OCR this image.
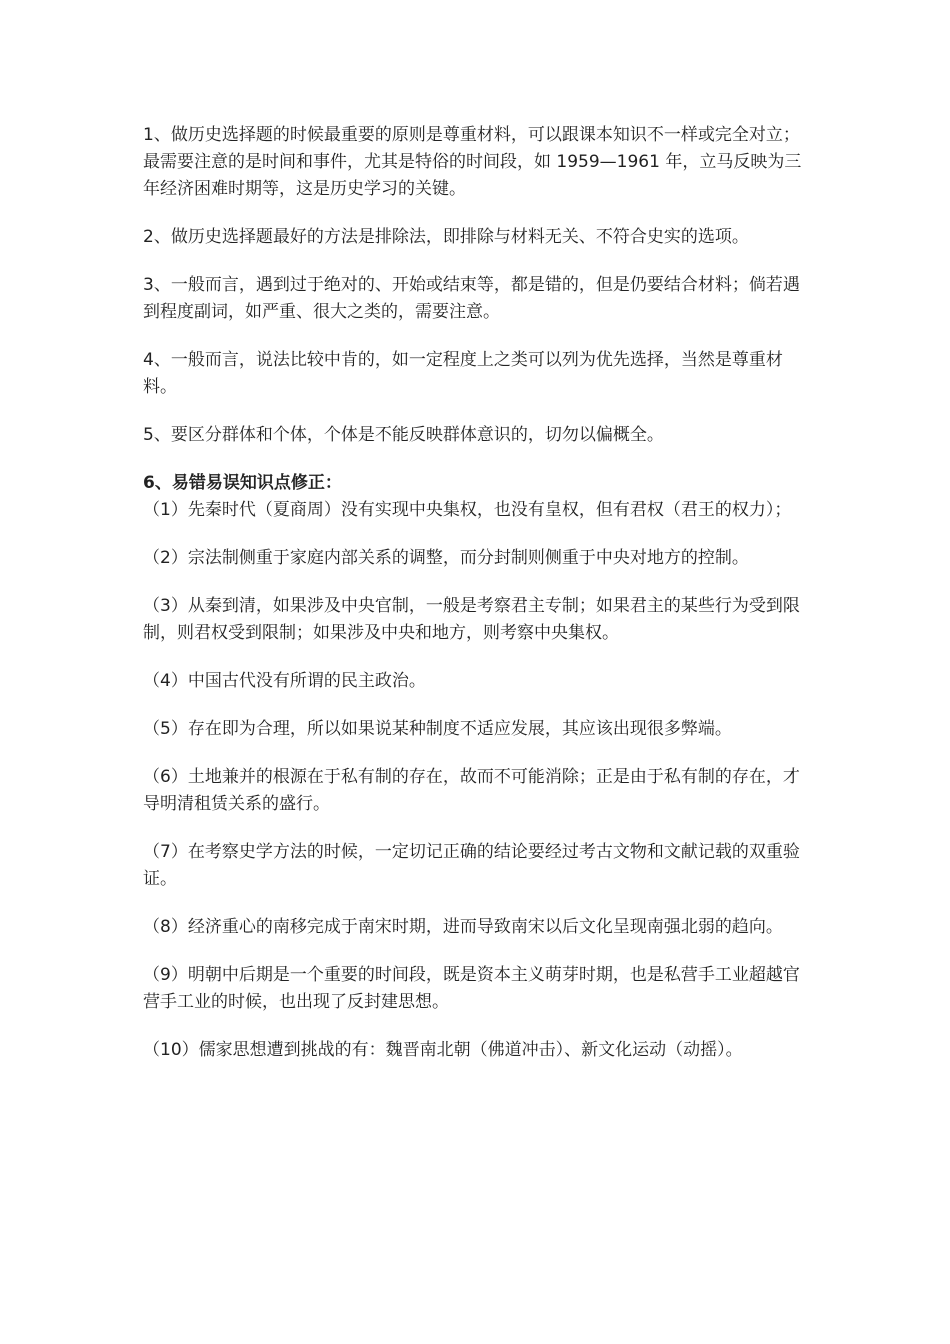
1、做历史选择题的时候最重要的原则是尊重材料，可以跟课本知识不一样或完全对立；最需要注意的是时间和事件，尤其是特俗的时间段，如 1959—1961 年，立马反映为三年经济困难时期等，这是历史学习的关键。

2、做历史选择题最好的方法是排除法，即排除与材料无关、不符合史实的选项。

3、一般而言，遇到过于绝对的、开始或结束等，都是错的，但是仍要结合材料；倘若遇到程度副词，如严重、很大之类的，需要注意。

4、一般而言，说法比较中肯的，如一定程度上之类可以列为优先选择，当然是尊重材料。

5、要区分群体和个体，个体是不能反映群体意识的，切勿以偏概全。

6、易错易误知识点修正：

（1）先秦时代（夏商周）没有实现中央集权，也没有皇权，但有君权（君王的权力）；

（2）宗法制侧重于家庭内部关系的调整，而分封制则侧重于中央对地方的控制。

（3）从秦到清，如果涉及中央官制，一般是考察君主专制；如果君主的某些行为受到限制，则君权受到限制；如果涉及中央和地方，则考察中央集权。

（4）中国古代没有所谓的民主政治。

（5）存在即为合理，所以如果说某种制度不适应发展，其应该出现很多弊端。

（6）土地兼并的根源在于私有制的存在，故而不可能消除；正是由于私有制的存在，才导明清租赁关系的盛行。

（7）在考察史学方法的时候，一定切记正确的结论要经过考古文物和文献记载的双重验证。

（8）经济重心的南移完成于南宋时期，进而导致南宋以后文化呈现南强北弱的趋向。

（9）明朝中后期是一个重要的时间段，既是资本主义萌芽时期，也是私营手工业超越官营手工业的时候，也出现了反封建思想。

（10）儒家思想遭到挑战的有：魏晋南北朝（佛道冲击）、新文化运动（动摇）。
